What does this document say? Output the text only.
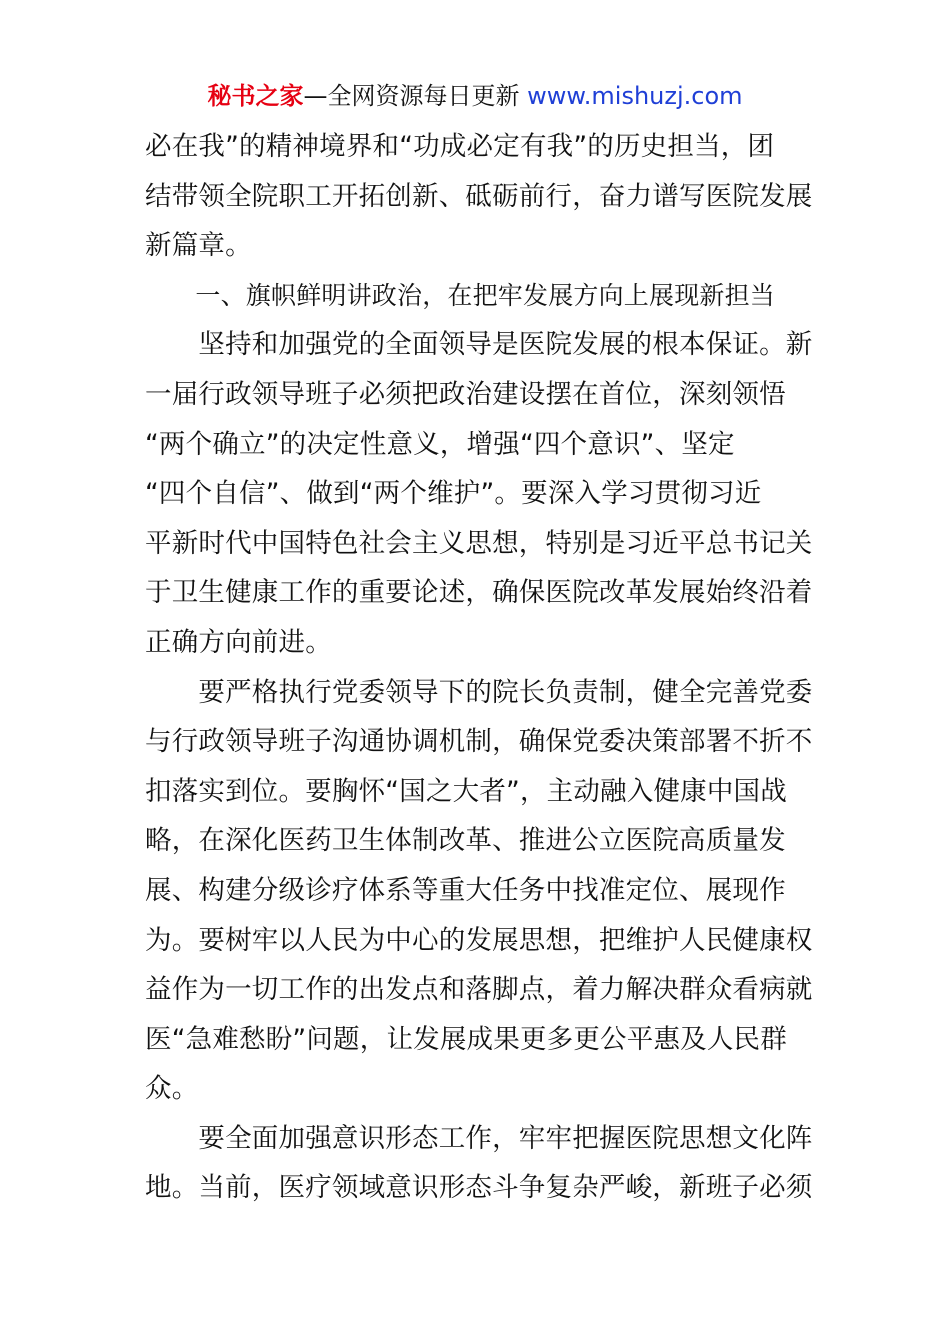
秘书之家—全网资源每日更新 www.mishuzj.com
必在我”的精神境界和“功成必定有我”的历史担当，团
结带领全院职工开拓创新、砥砺前行，奋力谱写医院发展
新篇章。
　　一、旗帜鲜明讲政治，在把牢发展方向上展现新担当
　　坚持和加强党的全面领导是医院发展的根本保证。新
一届行政领导班子必须把政治建设摆在首位，深刻领悟
“两个确立”的决定性意义，增强“四个意识”、坚定
“四个自信”、做到“两个维护”。要深入学习贯彻习近
平新时代中国特色社会主义思想，特别是习近平总书记关
于卫生健康工作的重要论述，确保医院改革发展始终沿着
正确方向前进。
　　要严格执行党委领导下的院长负责制，健全完善党委
与行政领导班子沟通协调机制，确保党委决策部署不折不
扣落实到位。要胸怀“国之大者”，主动融入健康中国战
略，在深化医药卫生体制改革、推进公立医院高质量发
展、构建分级诊疗体系等重大任务中找准定位、展现作
为。要树牢以人民为中心的发展思想，把维护人民健康权
益作为一切工作的出发点和落脚点，着力解决群众看病就
医“急难愁盼”问题，让发展成果更多更公平惠及人民群
众。
　　要全面加强意识形态工作，牢牢把握医院思想文化阵
地。当前，医疗领域意识形态斗争复杂严峻，新班子必须
